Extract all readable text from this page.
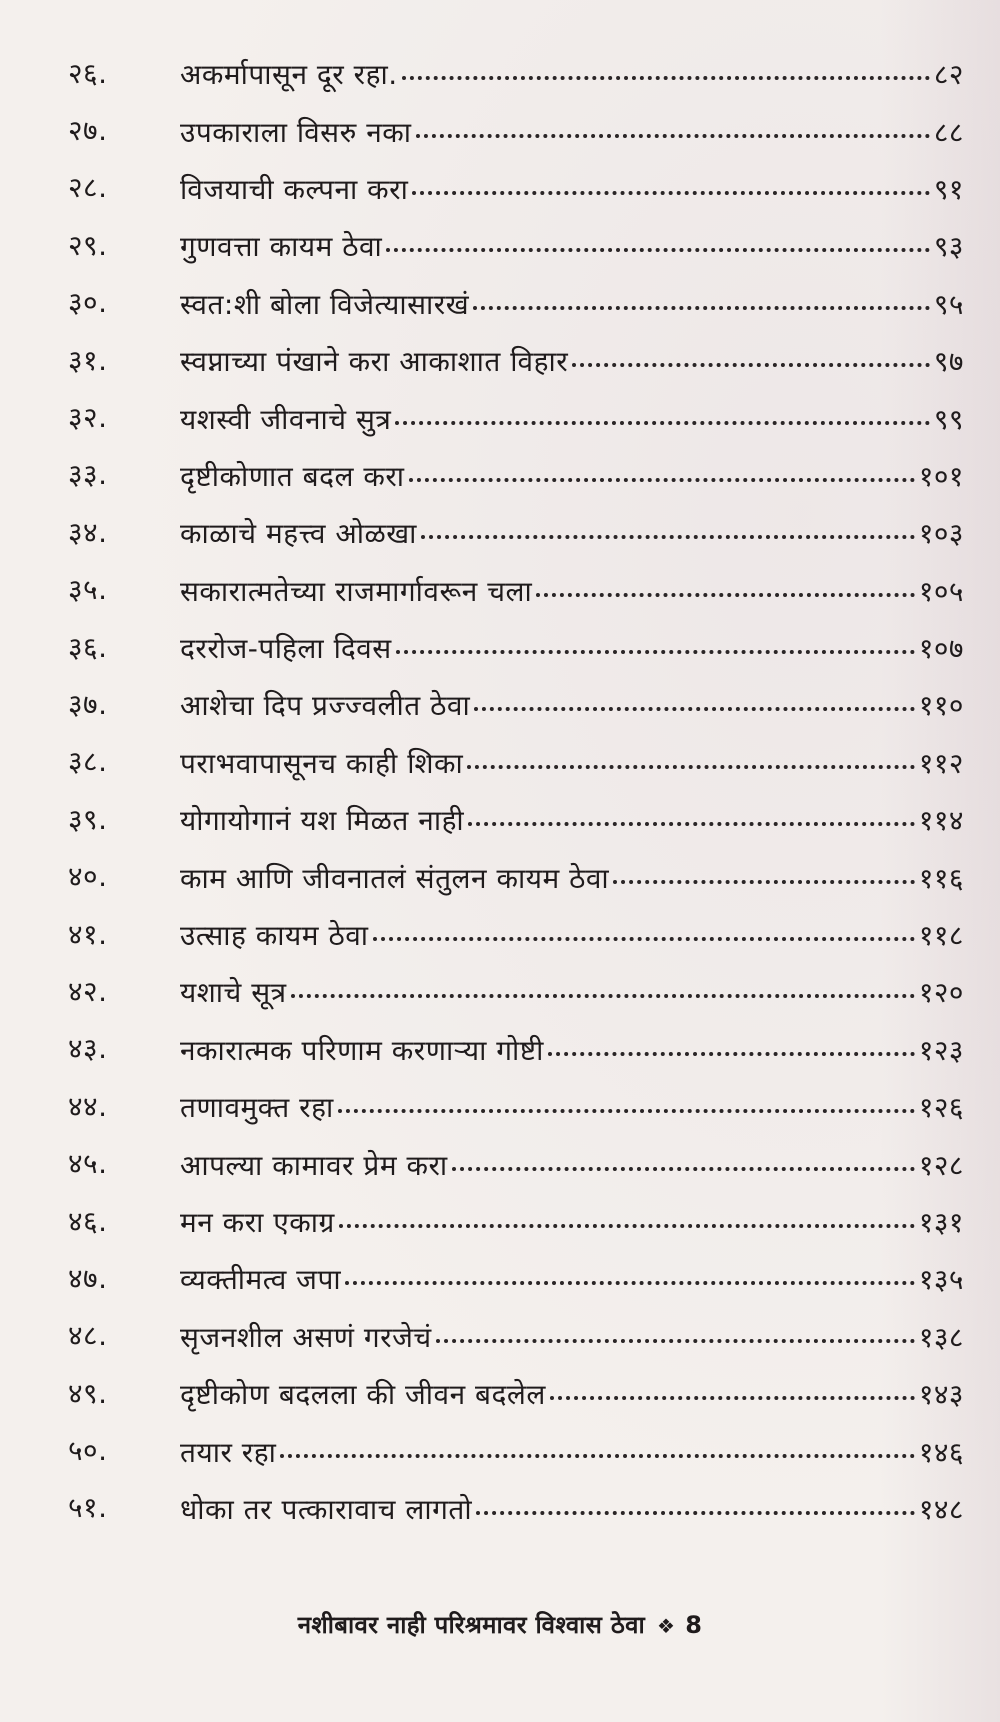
२६.	अकर्मापासून दूर रहा.	८२
२७.	उपकाराला विसरु नका	८८
२८.	विजयाची कल्पना करा	९१
२९.	गुणवत्ता कायम ठेवा	९३
३०.	स्वत:शी बोला विजेत्यासारखं	९५
३१.	स्वप्नाच्या पंखाने करा आकाशात विहार	९७
३२.	यशस्वी जीवनाचे सुत्र	९९
३३.	दृष्टीकोणात बदल करा	१०१
३४.	काळाचे महत्त्व ओळखा	१०३
३५.	सकारात्मतेच्या राजमार्गावरून चला	१०५
३६.	दररोज-पहिला दिवस	१०७
३७.	आशेचा दिप प्रज्ज्वलीत ठेवा	११०
३८.	पराभवापासूनच काही शिका	११२
३९.	योगायोगानं यश मिळत नाही	११४
४०.	काम आणि जीवनातलं संतुलन कायम ठेवा	११६
४१.	उत्साह कायम ठेवा	११८
४२.	यशाचे सूत्र	१२०
४३.	नकारात्मक परिणाम करणाऱ्या गोष्टी	१२३
४४.	तणावमुक्त रहा	१२६
४५.	आपल्या कामावर प्रेम करा	१२८
४६.	मन करा एकाग्र	१३१
४७.	व्यक्तीमत्व जपा	१३५
४८.	सृजनशील असणं गरजेचं	१३८
४९.	दृष्टीकोण बदलला की जीवन बदलेल	१४३
५०.	तयार रहा	१४६
५१.	धोका तर पत्कारावाच लागतो	१४८
नशीबावर नाही परिश्रमावर विश्वास ठेवा ❖ 8
